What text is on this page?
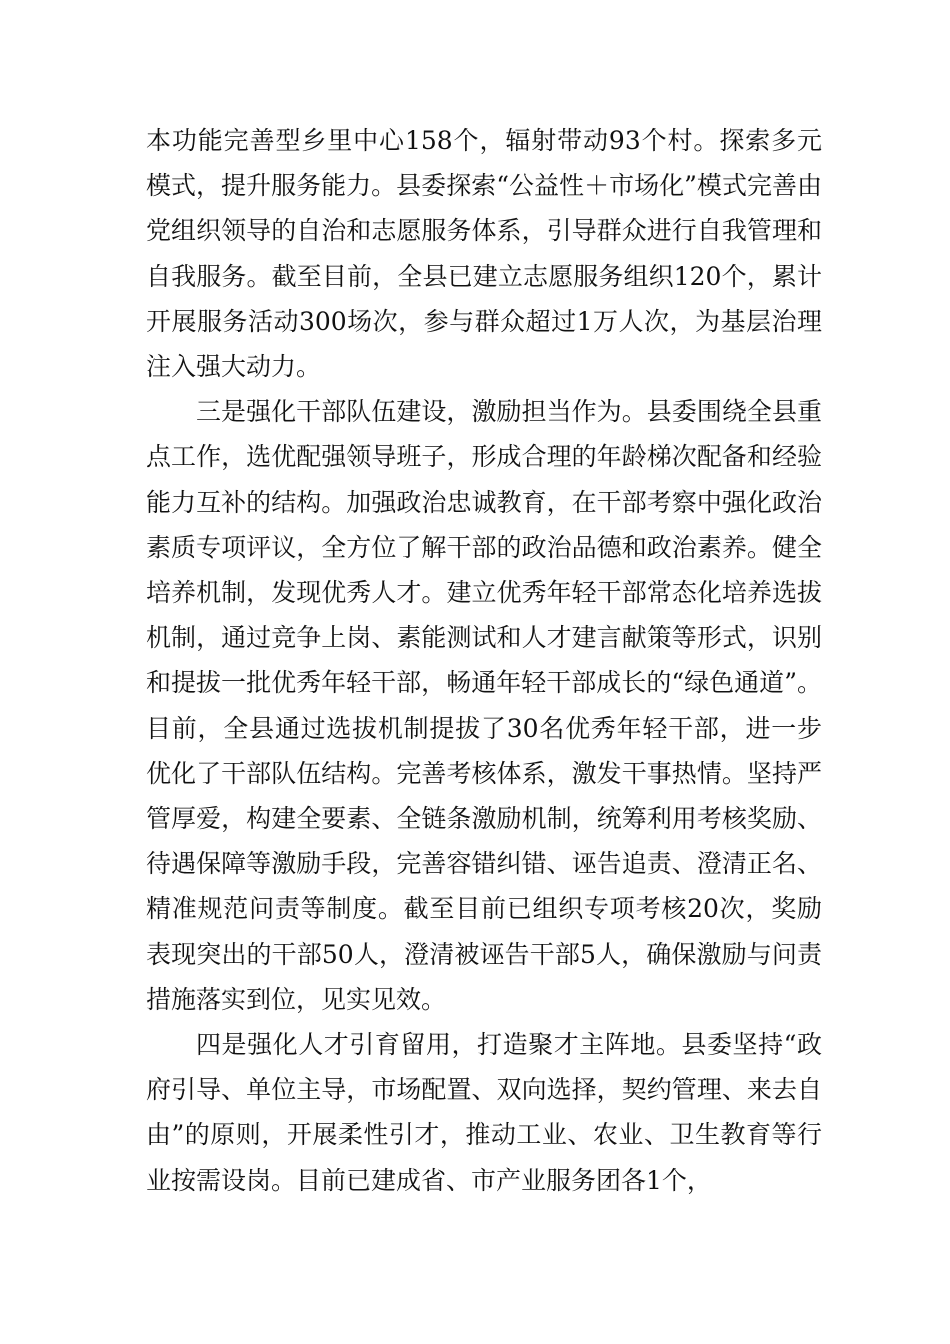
本功能完善型乡里中心158个，辐射带动93个村。探索多元模式，提升服务能力。县委探索“公益性＋市场化”模式完善由党组织领导的自治和志愿服务体系，引导群众进行自我管理和自我服务。截至目前，全县已建立志愿服务组织120个，累计开展服务活动300场次，参与群众超过1万人次，为基层治理注入强大动力。

三是强化干部队伍建设，激励担当作为。县委围绕全县重点工作，选优配强领导班子，形成合理的年龄梯次配备和经验能力互补的结构。加强政治忠诚教育，在干部考察中强化政治素质专项评议，全方位了解干部的政治品德和政治素养。健全培养机制，发现优秀人才。建立优秀年轻干部常态化培养选拔机制，通过竞争上岗、素能测试和人才建言献策等形式，识别和提拔一批优秀年轻干部，畅通年轻干部成长的“绿色通道”。目前，全县通过选拔机制提拔了30名优秀年轻干部，进一步优化了干部队伍结构。完善考核体系，激发干事热情。坚持严管厚爱，构建全要素、全链条激励机制，统筹利用考核奖励、待遇保障等激励手段，完善容错纠错、诬告追责、澄清正名、精准规范问责等制度。截至目前已组织专项考核20次，奖励表现突出的干部50人，澄清被诬告干部5人，确保激励与问责措施落实到位，见实见效。

四是强化人才引育留用，打造聚才主阵地。县委坚持“政府引导、单位主导，市场配置、双向选择，契约管理、来去自由”的原则，开展柔性引才，推动工业、农业、卫生教育等行业按需设岗。目前已建成省、市产业服务团各1个，
